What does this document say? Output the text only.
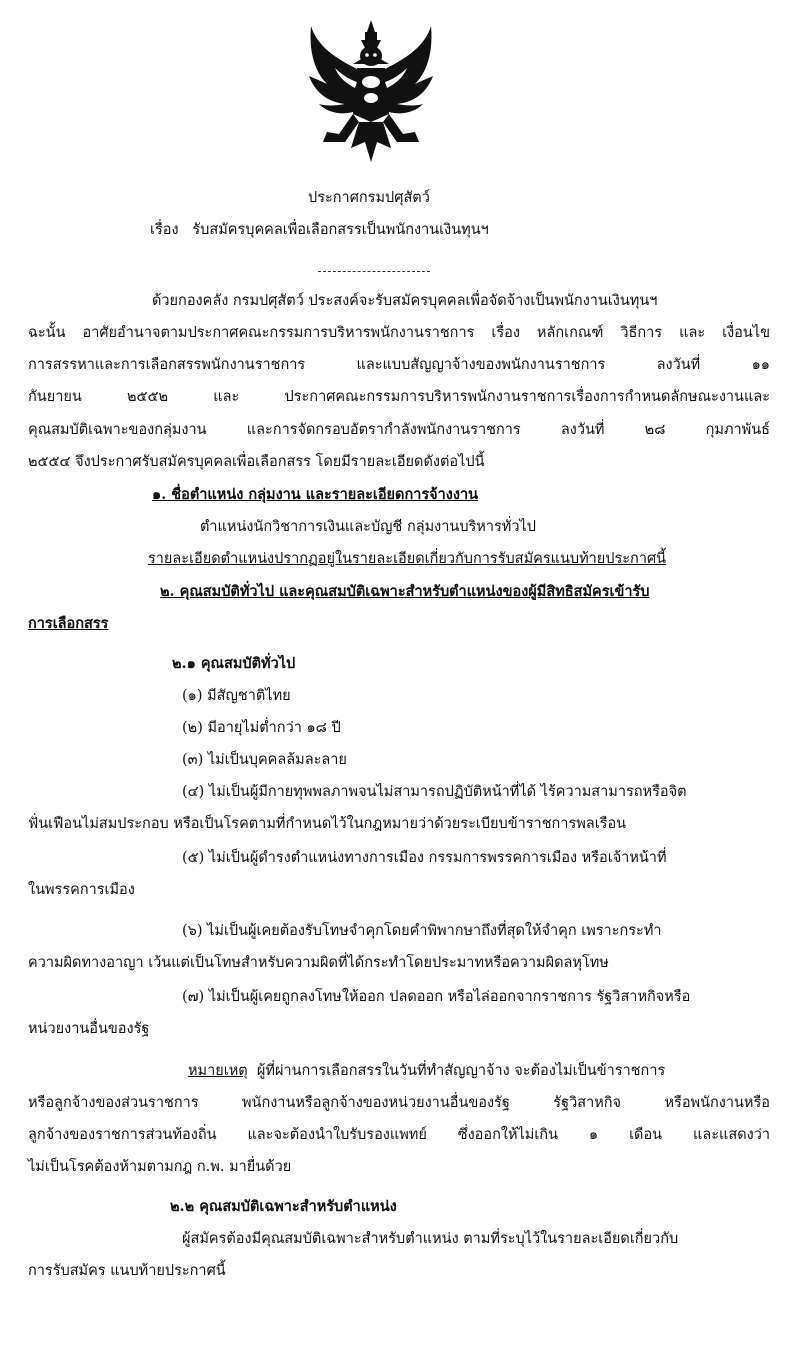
ประกาศกรมปศุสัตว์
เรื่อง รับสมัครบุคคลเพื่อเลือกสรรเป็นพนักงานเงินทุนฯ
ด้วยกองคลัง กรมปศุสัตว์ ประสงค์จะรับสมัครบุคคลเพื่อจัดจ้างเป็นพนักงานเงินทุนฯ
ฉะนั้น อาศัยอำนาจตามประกาศคณะกรรมการบริหารพนักงานราชการ เรื่อง หลักเกณฑ์ วิธีการ และ เงื่อนไข
การสรรหาและการเลือกสรรพนักงานราชการ และแบบสัญญาจ้างของพนักงานราชการ ลงวันที่ ๑๑
กันยายน ๒๕๕๒ และ ประกาศคณะกรรมการบริหารพนักงานราชการเรื่องการกำหนดลักษณะงานและ
คุณสมบัติเฉพาะของกลุ่มงาน และการจัดกรอบอัตรากำลังพนักงานราชการ ลงวันที่ ๒๘ กุมภาพันธ์
๒๕๕๔ จึงประกาศรับสมัครบุคคลเพื่อเลือกสรร โดยมีรายละเอียดดังต่อไปนี้
๑. ชื่อตำแหน่ง กลุ่มงาน และรายละเอียดการจ้างงาน
ตำแหน่งนักวิชาการเงินและบัญชี กลุ่มงานบริหารทั่วไป
รายละเอียดตำแหน่งปรากฏอยู่ในรายละเอียดเกี่ยวกับการรับสมัครแนบท้ายประกาศนี้
๒. คุณสมบัติทั่วไป และคุณสมบัติเฉพาะสำหรับตำแหน่งของผู้มีสิทธิสมัครเข้ารับ
การเลือกสรร
๒.๑ คุณสมบัติทั่วไป
(๑) มีสัญชาติไทย
(๒) มีอายุไม่ต่ำกว่า ๑๘ ปี
(๓) ไม่เป็นบุคคลล้มละลาย
(๔) ไม่เป็นผู้มีกายทุพพลภาพจนไม่สามารถปฏิบัติหน้าที่ได้ ไร้ความสามารถหรือจิต
ฟั่นเฟือนไม่สมประกอบ หรือเป็นโรคตามที่กำหนดไว้ในกฎหมายว่าด้วยระเบียบข้าราชการพลเรือน
(๕) ไม่เป็นผู้ดำรงตำแหน่งทางการเมือง กรรมการพรรคการเมือง หรือเจ้าหน้าที่
ในพรรคการเมือง
(๖) ไม่เป็นผู้เคยต้องรับโทษจำคุกโดยคำพิพากษาถึงที่สุดให้จำคุก เพราะกระทำ
ความผิดทางอาญา เว้นแต่เป็นโทษสำหรับความผิดที่ได้กระทำโดยประมาทหรือความผิดลหุโทษ
(๗) ไม่เป็นผู้เคยถูกลงโทษให้ออก ปลดออก หรือไล่ออกจากราชการ รัฐวิสาหกิจหรือ
หน่วยงานอื่นของรัฐ
หมายเหตุ ผู้ที่ผ่านการเลือกสรรในวันที่ทำสัญญาจ้าง จะต้องไม่เป็นข้าราชการ
หรือลูกจ้างของส่วนราชการ พนักงานหรือลูกจ้างของหน่วยงานอื่นของรัฐ รัฐวิสาหกิจ หรือพนักงานหรือ
ลูกจ้างของราชการส่วนท้องถิ่น และจะต้องนำใบรับรองแพทย์ ซึ่งออกให้ไม่เกิน ๑ เดือน และแสดงว่า
ไม่เป็นโรคต้องห้ามตามกฎ ก.พ. มายื่นด้วย
๒.๒ คุณสมบัติเฉพาะสำหรับตำแหน่ง
ผู้สมัครต้องมีคุณสมบัติเฉพาะสำหรับตำแหน่ง ตามที่ระบุไว้ในรายละเอียดเกี่ยวกับ
การรับสมัคร แนบท้ายประกาศนี้
